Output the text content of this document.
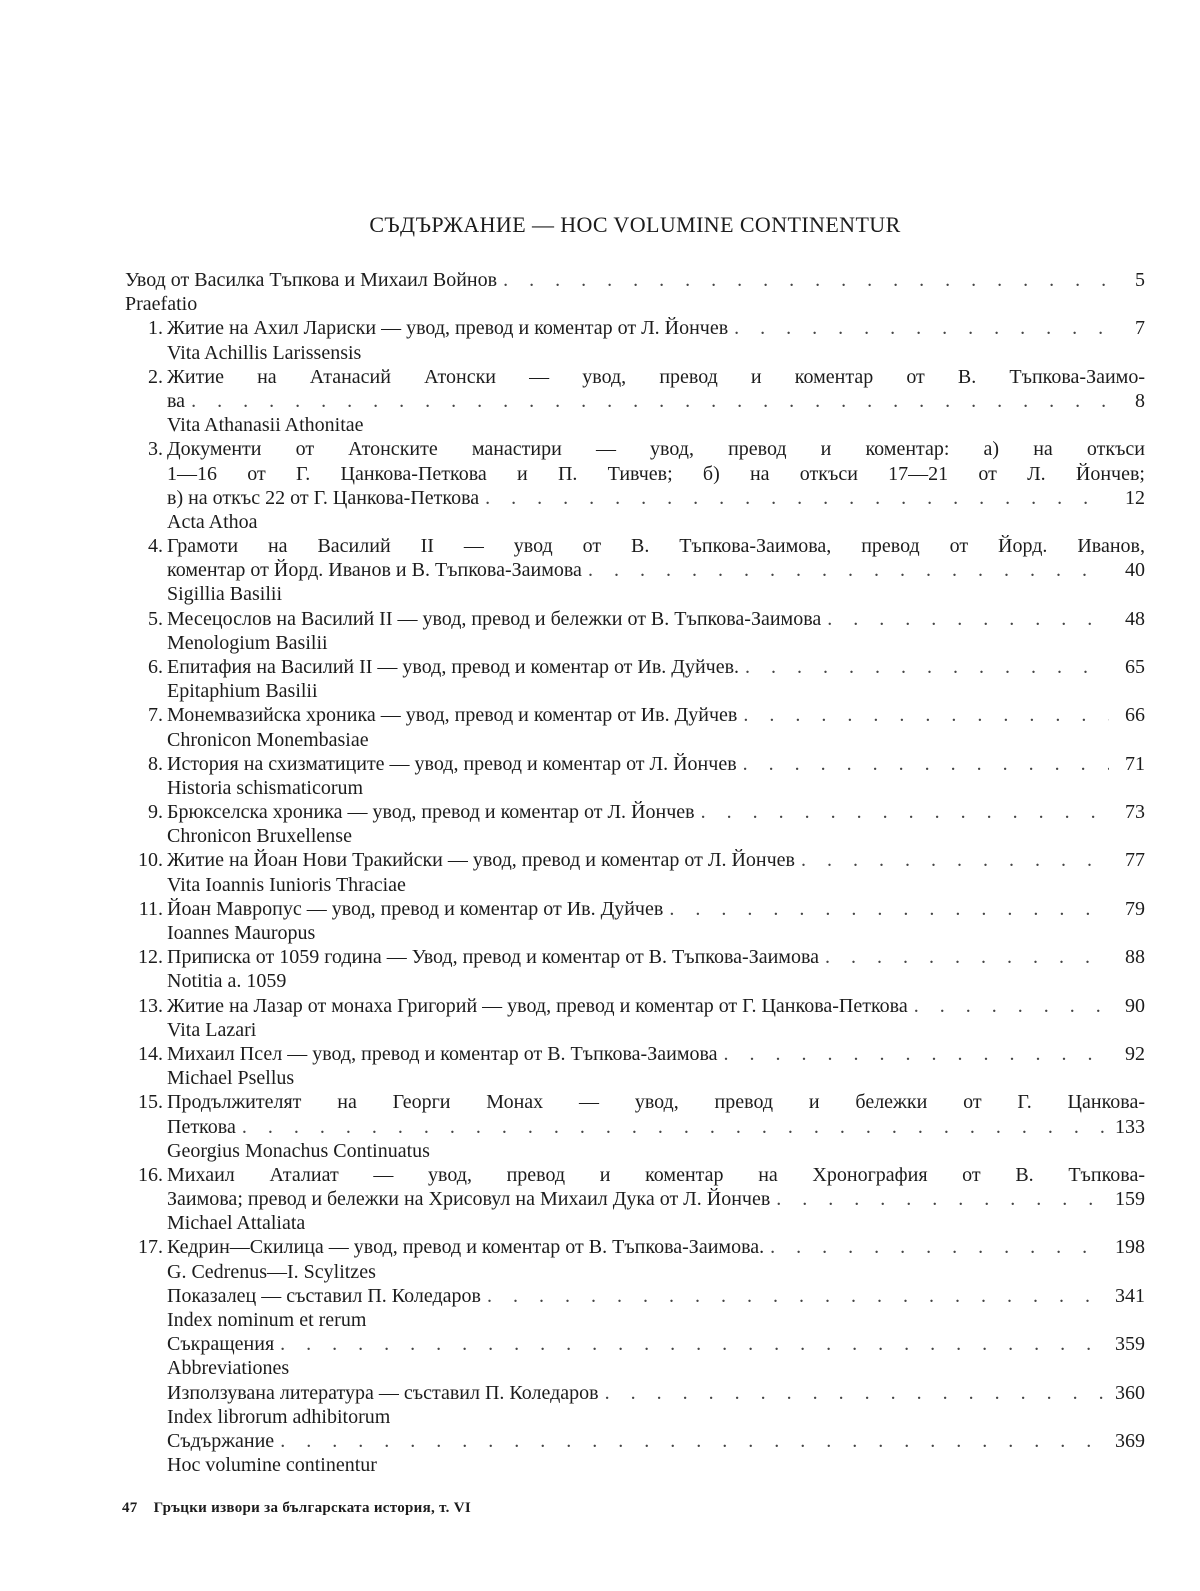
СЪДЪРЖАНИЕ — HOC VOLUMINE CONTINENTUR
Увод от Василка Тъпкова и Михаил Войнов . . .	5
Praefatio
1. Житие на Ахил Лариски — увод, превод и коментар от Л. Йончев . . .	7
Vita Achillis Larissensis
2. Житие на Атанасий Атонски — увод, превод и коментар от В. Тъпкова-Заимо-
ва . . .	8
Vita Athanasii Athonitae
3. Документи от Атонските манастири — увод, превод и коментар: а) на откъси
1—16 от Г. Цанкова-Петкова и П. Тивчев; б) на откъси 17—21 от Л. Йончев;
в) на откъс 22 от Г. Цанкова-Петкова . . .	12
Acta Athoa
4. Грамоти на Василий II — увод от В. Тъпкова-Заимова, превод от Йорд. Иванов,
коментар от Йорд. Иванов и В. Тъпкова-Заимова . . .	40
Sigillia Basilii
5. Месецослов на Василий II — увод, превод и бележки от В. Тъпкова-Заимова . . .	48
Menologium Basilii
6. Епитафия на Василий II — увод, превод и коментар от Ив. Дуйчев. . . .	65
Epitaphium Basilii
7. Монемвазийска хроника — увод, превод и коментар от Ив. Дуйчев . . .	66
Chronicon Monembasiae
8. История на схизматиците — увод, превод и коментар от Л. Йончев . . .	71
Historia schismaticorum
9. Брюкселска хроника — увод, превод и коментар от Л. Йончев . . .	73
Chronicon Bruxellense
10. Житие на Йоан Нови Тракийски — увод, превод и коментар от Л. Йончев . . .	77
Vita Ioannis Iunioris Thraciae
11. Йоан Мавропус — увод, превод и коментар от Ив. Дуйчев . . .	79
Ioannes Mauropus
12. Приписка от 1059 година — Увод, превод и коментар от В. Тъпкова-Заимова . . .	88
Notitia a. 1059
13. Житие на Лазар от монаха Григорий — увод, превод и коментар от Г. Цанкова-Петкова . . .	90
Vita Lazari
14. Михаил Псел — увод, превод и коментар от В. Тъпкова-Заимова . . .	92
Michael Psellus
15. Продължителят на Георги Монах — увод, превод и бележки от Г. Цанкова-
Петкова . . .	133
Georgius Monachus Continuatus
16. Михаил Аталиат — увод, превод и коментар на Хронография от В. Тъпкова-
Заимова; превод и бележки на Хрисовул на Михаил Дука от Л. Йончев . . .	159
Michael Attaliata
17. Кедрин—Скилица — увод, превод и коментар от В. Тъпкова-Заимова. . . .	198
G. Cedrenus—I. Scylitzes
Показалец — съставил П. Коледаров . . .	341
Index nominum et rerum
Съкращения . . .	359
Abbreviationes
Използувана литература — съставил П. Коледаров . . .	360
Index librorum adhibitorum
Съдържание . . .	369
Hoc volumine continentur
47 Гръцки извори за българската история, т. VI
